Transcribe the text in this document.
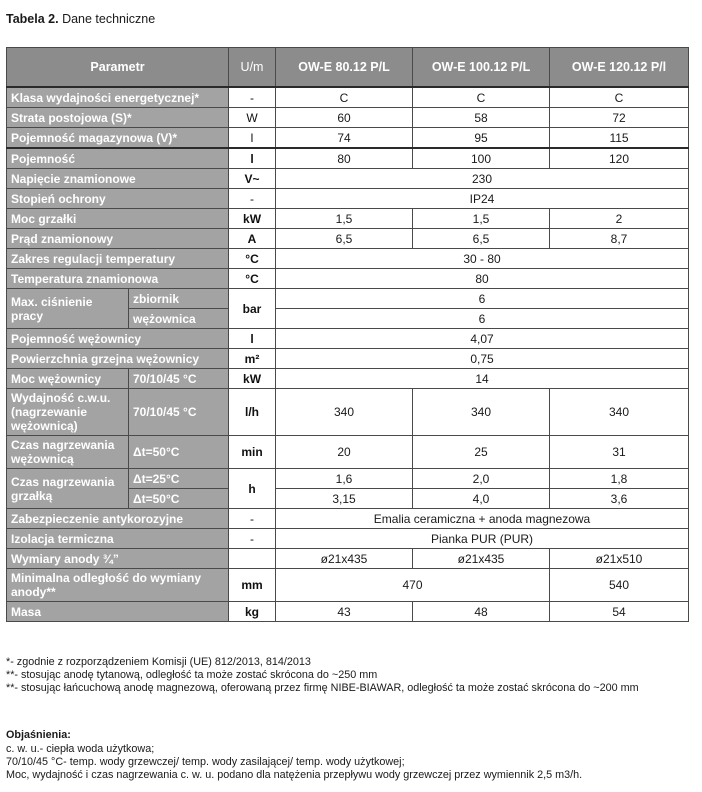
Tabela 2. Dane techniczne
Parametr		U/m	OW-E 80.12 P/L	OW-E 100.12 P/L	OW-E 120.12 P/l
Klasa wydajności energetycznej*		-	C	C	C
Strata postojowa (S)*		W	60	58	72
Pojemność magazynowa (V)*		l	74	95	115
Pojemność		l	80	100	120
Napięcie znamionowe		V~	230		
Stopień ochrony		-	IP24		
Moc grzałki		kW	1,5	1,5	2
Prąd znamionowy		A	6,5	6,5	8,7
Zakres regulacji temperatury		°C	30 - 80		
Temperatura znamionowa		°C	80		
Max. ciśnienie pracy	zbiornik	bar	6		
	wężownica		6		
Pojemność wężownicy		l	4,07		
Powierzchnia grzejna wężownicy		m²	0,75		
Moc wężownicy	70/10/45 °C	kW	14		
Wydajność c.w.u. (nagrzewanie wężownicą)	70/10/45 °C	l/h	340	340	340
Czas nagrzewania wężownicą	Δt=50°C	min	20	25	31
Czas nagrzewania grzałką	Δt=25°C	h	1,6	2,0	1,8
	Δt=50°C		3,15	4,0	3,6
Zabezpieczenie antykorozyjne		-	Emalia ceramiczna + anoda magnezowa		
Izolacja termiczna		-	Pianka PUR (PUR)		
Wymiary anody ¾”			ø21x435	ø21x435	ø21x510
Minimalna odległość do wymiany anody**		mm	470		540
Masa		kg	43	48	54

*- zgodnie z rozporządzeniem Komisji (UE) 812/2013, 814/2013

**- stosując anodę tytanową, odległość ta może zostać skrócona do ~250 mm

**- stosując łańcuchową anodę magnezową, oferowaną przez firmę NIBE-BIAWAR, odległość ta może zostać skrócona do ~200 mm

Objaśnienia:

c. w. u.- ciepła woda użytkowa;

70/10/45 °C- temp. wody grzewczej/ temp. wody zasilającej/ temp. wody użytkowej;

Moc, wydajność i czas nagrzewania c. w. u. podano dla natężenia przepływu wody grzewczej przez wymiennik 2,5 m3/h.
